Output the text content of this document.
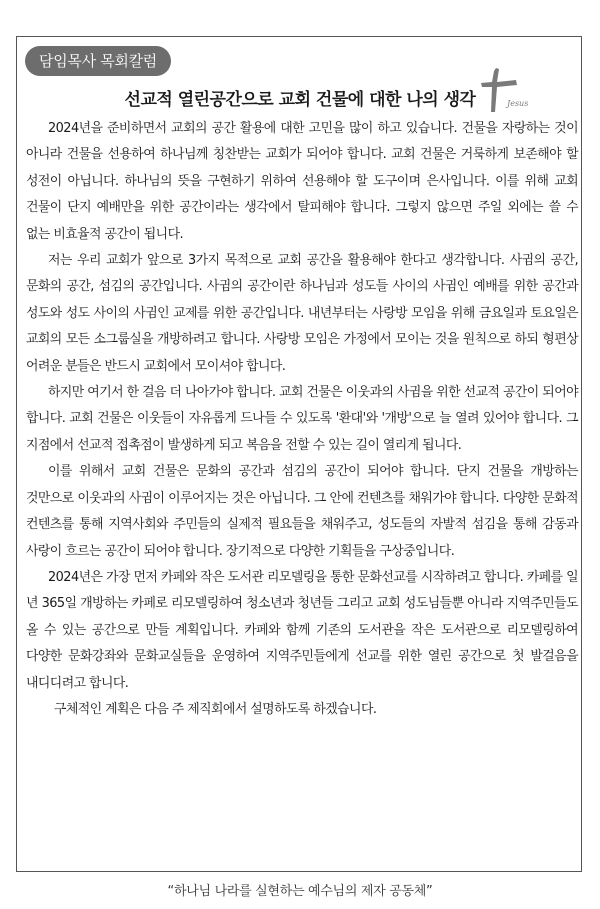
담임목사 목회칼럼
선교적 열린공간으로 교회 건물에 대한 나의 생각	Jesus

2024년을 준비하면서 교회의 공간 활용에 대한 고민을 많이 하고 있습니다. 건물을 자랑하는 것이 아니라 건물을 선용하여 하나님께 칭찬받는 교회가 되어야 합니다. 교회 건물은 거룩하게 보존해야 할 성전이 아닙니다. 하나님의 뜻을 구현하기 위하여 선용해야 할 도구이며 은사입니다. 이를 위해 교회 건물이 단지 예배만을 위한 공간이라는 생각에서 탈피해야 합니다. 그렇지 않으면 주일 외에는 쓸 수 없는 비효율적 공간이 됩니다.

저는 우리 교회가 앞으로 3가지 목적으로 교회 공간을 활용해야 한다고 생각합니다. 사귐의 공간, 문화의 공간, 섬김의 공간입니다. 사귐의 공간이란 하나님과 성도들 사이의 사귐인 예배를 위한 공간과 성도와 성도 사이의 사귐인 교제를 위한 공간입니다. 내년부터는 사랑방 모임을 위해 금요일과 토요일은 교회의 모든 소그룹실을 개방하려고 합니다. 사랑방 모임은 가정에서 모이는 것을 원칙으로 하되 형편상 어려운 분들은 반드시 교회에서 모이셔야 합니다.

하지만 여기서 한 걸음 더 나아가야 합니다. 교회 건물은 이웃과의 사귐을 위한 선교적 공간이 되어야 합니다. 교회 건물은 이웃들이 자유롭게 드나들 수 있도록 '환대'와 '개방'으로 늘 열려 있어야 합니다. 그 지점에서 선교적 접촉점이 발생하게 되고 복음을 전할 수 있는 길이 열리게 됩니다.

이를 위해서 교회 건물은 문화의 공간과 섬김의 공간이 되어야 합니다. 단지 건물을 개방하는 것만으로 이웃과의 사귐이 이루어지는 것은 아닙니다. 그 안에 컨텐츠를 채워가야 합니다. 다양한 문화적 컨텐츠를 통해 지역사회와 주민들의 실제적 필요들을 채워주고, 성도들의 자발적 섬김을 통해 감동과 사랑이 흐르는 공간이 되어야 합니다. 장기적으로 다양한 기획들을 구상중입니다.

2024년은 가장 먼저 카페와 작은 도서관 리모델링을 통한 문화선교를 시작하려고 합니다. 카페를 일 년 365일 개방하는 카페로 리모델링하여 청소년과 청년들 그리고 교회 성도님들뿐 아니라 지역주민들도 올 수 있는 공간으로 만들 계획입니다. 카페와 함께 기존의 도서관을 작은 도서관으로 리모델링하여 다양한 문화강좌와 문화교실들을 운영하여 지역주민들에게 선교를 위한 열린 공간으로 첫 발걸음을 내디디려고 합니다.

구체적인 계획은 다음 주 제직회에서 설명하도록 하겠습니다.

“하나님 나라를 실현하는 예수님의 제자 공동체”
